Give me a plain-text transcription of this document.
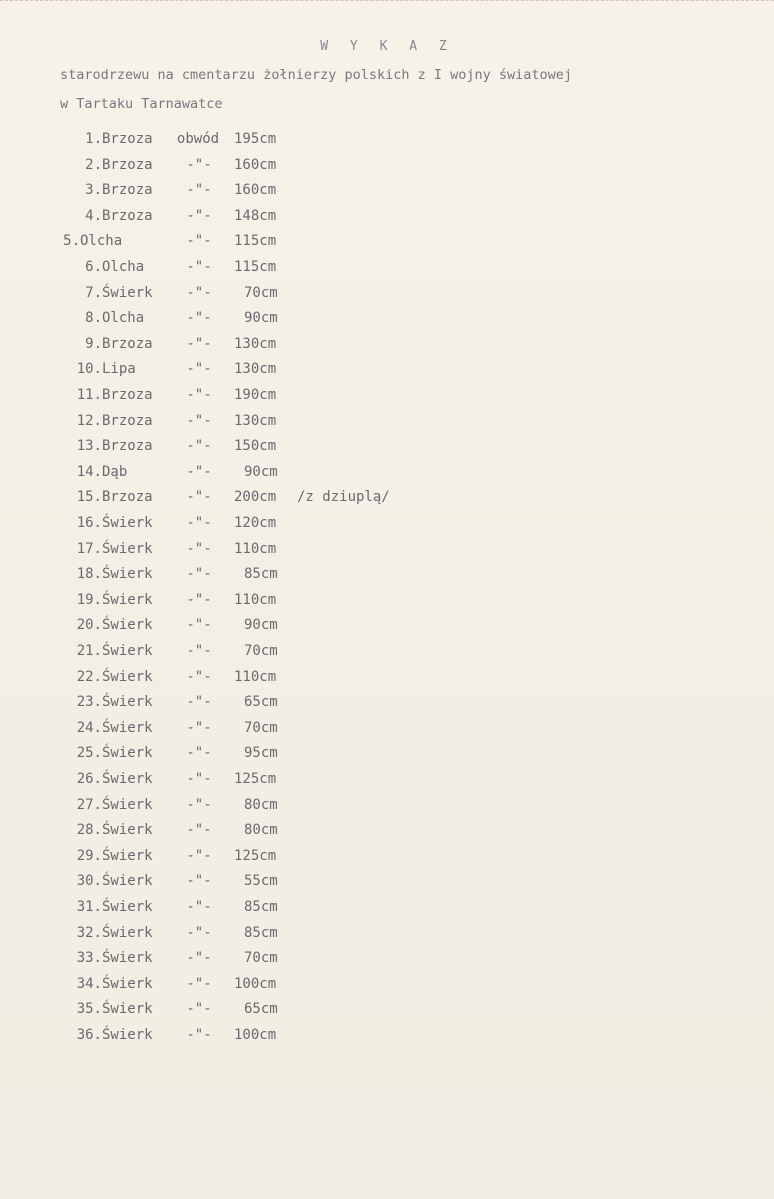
W Y K A Z
starodrzewu na cmentarzu żołnierzy polskich z I wojny światowej
w Tartaku Tarnawatce
1. Brzoza obwód 195cm
2. Brzoza -"- 160cm
3. Brzoza -"- 160cm
4. Brzoza -"- 148cm
5. Olcha	-"- 115cm
6. Olcha	-"- 115cm
7. Świerk -"- 70cm
8. Olcha	-"- 90cm
9. Brzoza -"- 130cm
10. Lipa	-"- 130cm
11. Brzoza -"- 190cm
12. Brzoza -"- 130cm
13. Brzoza -"- 150cm
14. Dąb	-"- 90cm
15. Brzoza -"- 200cm /z dziuplą/
16. Świerk -"- 120cm
17. Świerk -"- 110cm
18. Świerk -"- 85cm
19. Świerk -"- 110cm
20. Świerk -"- 90cm
21. Świerk -"- 70cm
22. Świerk -"- 110cm
23. Świerk -"- 65cm
24. Świerk -"- 70cm
25. Świerk -"- 95cm
26. Świerk -"- 125cm
27. Świerk -"- 80cm
28. Świerk -"- 80cm
29. Świerk -"- 125cm
30. Świerk -"- 55cm
31. Świerk -"- 85cm
32. Świerk -"- 85cm
33. Świerk -"- 70cm
34. Świerk -"- 100cm
35. Świerk -"- 65cm
36. Świerk -"- 100cm
